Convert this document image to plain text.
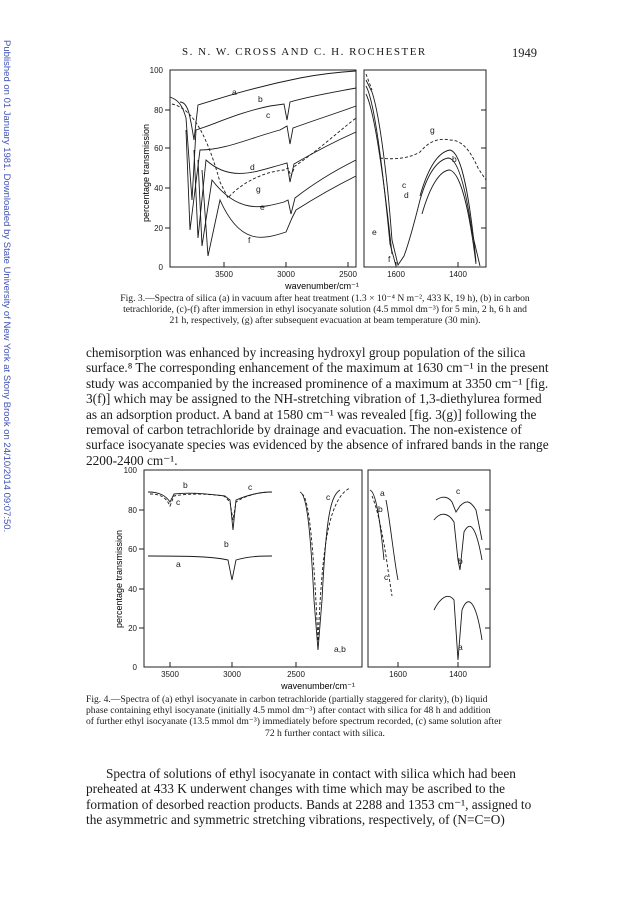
Published on 01 January 1981. Downloaded by State University of New York at Stony Brook on 24/10/2014 09:07:50.	S. N. W. CROSS AND C. H. ROCHESTER	1949
a
b
c
d
e
f
g
g
b
c
d
e
f
100
80
60
40
20
0
3500	3000	2500	1600	1400
percentage transmission
wavenumber/cm⁻¹
Fig. 3.—Spectra of silica (a) in vacuum after heat treatment (1.3 × 10⁻⁴ N m⁻², 433 K, 19 h), (b) in carbon
tetrachloride, (c)-(f) after immersion in ethyl isocyanate solution (4.5 mmol dm⁻³) for 5 min, 2 h, 6 h and
21 h, respectively, (g) after subsequent evacuation at beam temperature (30 min).
chemisorption was enhanced by increasing hydroxyl group population of the silica
surface.⁸ The corresponding enhancement of the maximum at 1630 cm⁻¹ in the present
study was accompanied by the increased prominence of a maximum at 3350 cm⁻¹ [fig.
3(f)] which may be assigned to the NH-stretching vibration of 1,3-diethylurea formed
as an adsorption product. A band at 1580 cm⁻¹ was revealed [fig. 3(g)] following the
removal of carbon tetrachloride by drainage and evacuation. The non-existence of
surface isocyanate species was evidenced by the absence of infrared bands in the range
2200-2400 cm⁻¹.
b
c
a
b
c
c
a,b
a
b
c
c
b
a
100
80
60
40
20
0
3500	3000	2500	1600	1400
percentage transmission
wavenumber/cm⁻¹
Fig. 4.—Spectra of (a) ethyl isocyanate in carbon tetrachloride (partially staggered for clarity), (b) liquid
phase containing ethyl isocyanate (initially 4.5 mmol dm⁻³) after contact with silica for 48 h and addition
of further ethyl isocyanate (13.5 mmol dm⁻³) immediately before spectrum recorded, (c) same solution after
72 h further contact with silica.
Spectra of solutions of ethyl isocyanate in contact with silica which had been
preheated at 433 K underwent changes with time which may be ascribed to the
formation of desorbed reaction products. Bands at 2288 and 1353 cm⁻¹, assigned to
the asymmetric and symmetric stretching vibrations, respectively, of (N=C=O)
